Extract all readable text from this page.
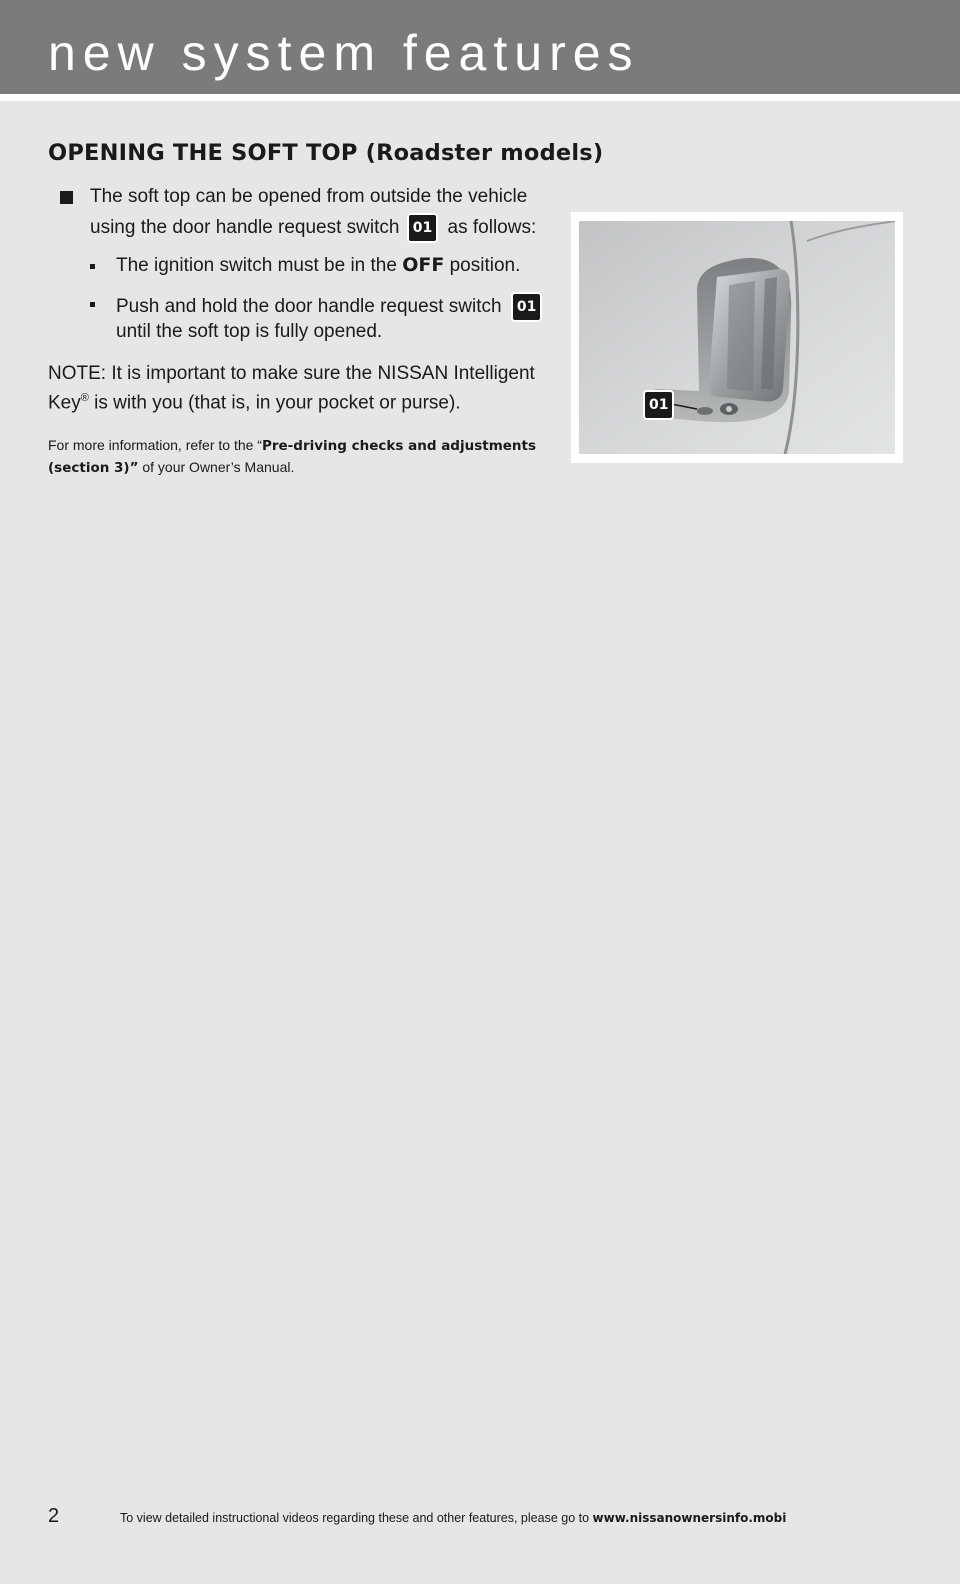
new system features
OPENING THE SOFT TOP (Roadster models)
The soft top can be opened from outside the vehicle
using the door handle request switch 01 as follows:
The ignition switch must be in the OFF position.
Push and hold the door handle request switch 01
until the soft top is fully opened.
NOTE: It is important to make sure the NISSAN Intelligent
Key® is with you (that is, in your pocket or purse).
For more information, refer to the “Pre-driving checks and adjustments
(section 3)” of your Owner’s Manual.
01
2	To view detailed instructional videos regarding these and other features, please go to www.nissanownersinfo.mobi
